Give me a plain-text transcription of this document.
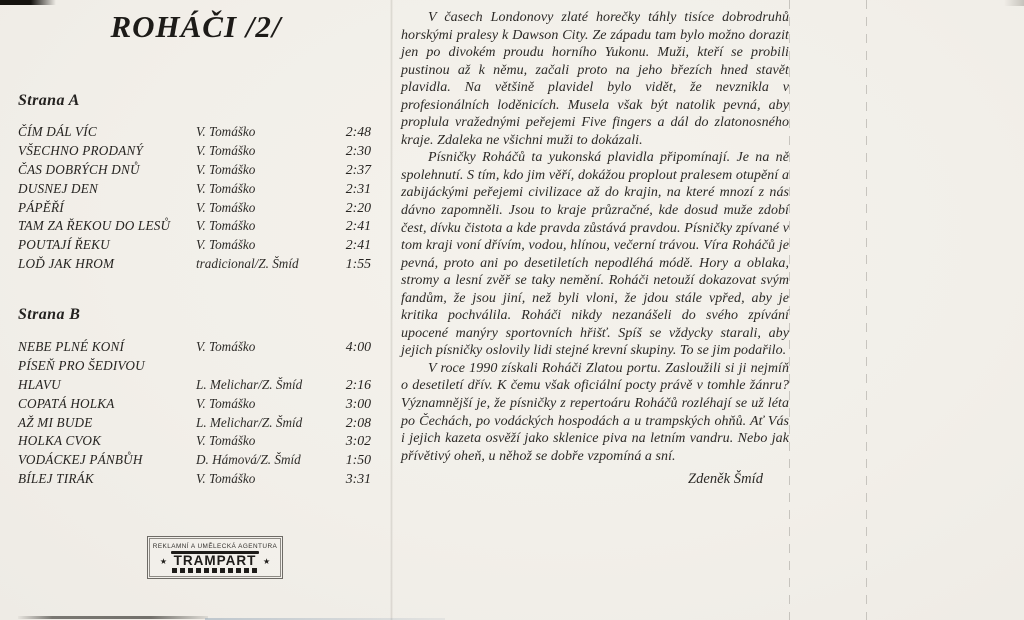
ROHÁČI /2/
Strana A
ČÍM DÁL VÍC	V. Tomáško	2:48
VŠECHNO PRODANÝ	V. Tomáško	2:30
ČAS DOBRÝCH DNŮ	V. Tomáško	2:37
DUSNEJ DEN	V. Tomáško	2:31
PÁPĚŘÍ	V. Tomáško	2:20
TAM ZA ŘEKOU DO LESŮ	V. Tomáško	2:41
POUTAJÍ ŘEKU	V. Tomáško	2:41
LOĎ JAK HROM	tradicional/Z. Šmíd	1:55
Strana B
NEBE PLNÉ KONÍ	V. Tomáško	4:00
PÍSEŇ PRO ŠEDIVOU
HLAVU	L. Melichar/Z. Šmíd	2:16
COPATÁ HOLKA	V. Tomáško	3:00
AŽ MI BUDE	L. Melichar/Z. Šmíd	2:08
HOLKA CVOK	V. Tomáško	3:02
VODÁCKEJ PÁNBŮH	D. Hámová/Z. Šmíd	1:50
BÍLEJ TIRÁK	V. Tomáško	3:31
REKLAMNÍ A UMĚLECKÁ AGENTURA
★ TRAMPART ★

V časech Londonovy zlaté horečky táhly tisíce dobrodruhů horskými pralesy k Dawson City. Ze západu tam bylo možno dorazit jen po divokém proudu horního Yukonu. Muži, kteří se probili pustinou až k němu, začali proto na jeho březích hned stavět plavidla. Na většině plavidel bylo vidět, že nevznikla v profesionálních loděnicích. Musela však být natolik pevná, aby proplula vražednými peřejemi Five fingers a dál do zlatonosného kraje. Zdaleka ne všichni muži to dokázali.

Písničky Roháčů ta yukonská plavidla připomínají. Je na ně spolehnutí. S tím, kdo jim věří, dokážou proplout pralesem otupění a zabijáckými peřejemi civilizace až do krajin, na které mnozí z nás dávno zapomněli. Jsou to kraje průzračné, kde dosud muže zdobí čest, dívku čistota a kde pravda zůstává pravdou. Písničky zpívané v tom kraji voní dřívím, vodou, hlínou, večerní trávou. Víra Roháčů je pevná, proto ani po desetiletích nepodléhá módě. Hory a oblaka, stromy a lesní zvěř se taky nemění. Roháči netouží dokazovat svým fandům, že jsou jiní, než byli vloni, že jdou stále vpřed, aby je kritika pochválila. Roháči nikdy nezanášeli do svého zpívání upocené manýry sportovních hřišť. Spíš se vždycky starali, aby jejich písničky oslovily lidi stejné krevní skupiny. To se jim podařilo.

V roce 1990 získali Roháči Zlatou portu. Zasloužili si ji nejmíň o desetiletí dřív. K čemu však oficiální pocty právě v tomhle žánru? Významnější je, že písničky z repertoáru Roháčů rozléhají se už léta po Čechách, po vodáckých hospodách a u trampských ohňů. Ať Vás i jejich kazeta osvěží jako sklenice piva na letním vandru. Nebo jak přívětivý oheň, u něhož se dobře vzpomíná a sní.

Zdeněk Šmíd
